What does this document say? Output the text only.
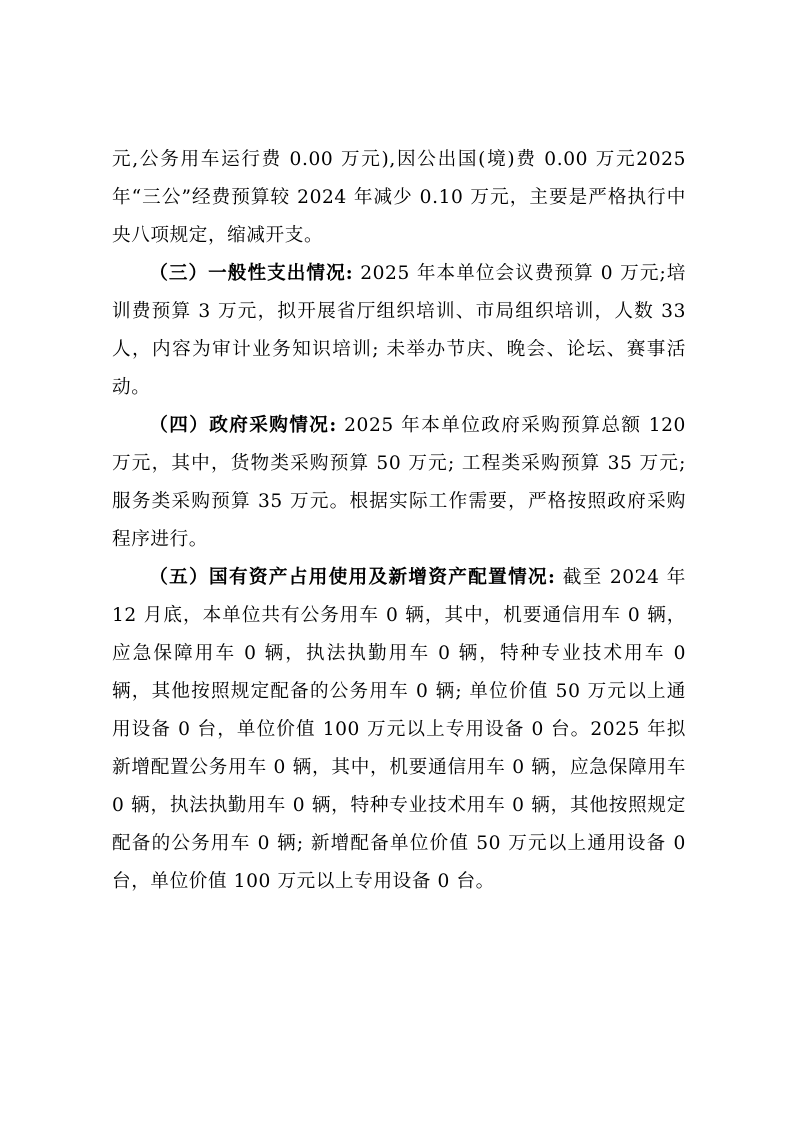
元,公务用车运行费 0.00 万元),因公出国(境)费 0.00 万元2025年“三公”经费预算较 2024 年减少 0.10 万元，主要是严格执行中央八项规定，缩减开支。

（三）一般性支出情况: 2025 年本单位会议费预算 0 万元;培训费预算 3 万元，拟开展省厅组织培训、市局组织培训，人数 33 人，内容为审计业务知识培训; 未举办节庆、晚会、论坛、赛事活动。

（四）政府采购情况: 2025 年本单位政府采购预算总额 120 万元，其中，货物类采购预算 50 万元; 工程类采购预算 35 万元; 服务类采购预算 35 万元。根据实际工作需要，严格按照政府采购程序进行。

（五）国有资产占用使用及新增资产配置情况: 截至 2024 年 12 月底，本单位共有公务用车 0 辆，其中，机要通信用车 0 辆，应急保障用车 0 辆，执法执勤用车 0 辆，特种专业技术用车 0 辆，其他按照规定配备的公务用车 0 辆; 单位价值 50 万元以上通用设备 0 台，单位价值 100 万元以上专用设备 0 台。2025 年拟新增配置公务用车 0 辆，其中，机要通信用车 0 辆，应急保障用车 0 辆，执法执勤用车 0 辆，特种专业技术用车 0 辆，其他按照规定配备的公务用车 0 辆; 新增配备单位价值 50 万元以上通用设备 0 台，单位价值 100 万元以上专用设备 0 台。
